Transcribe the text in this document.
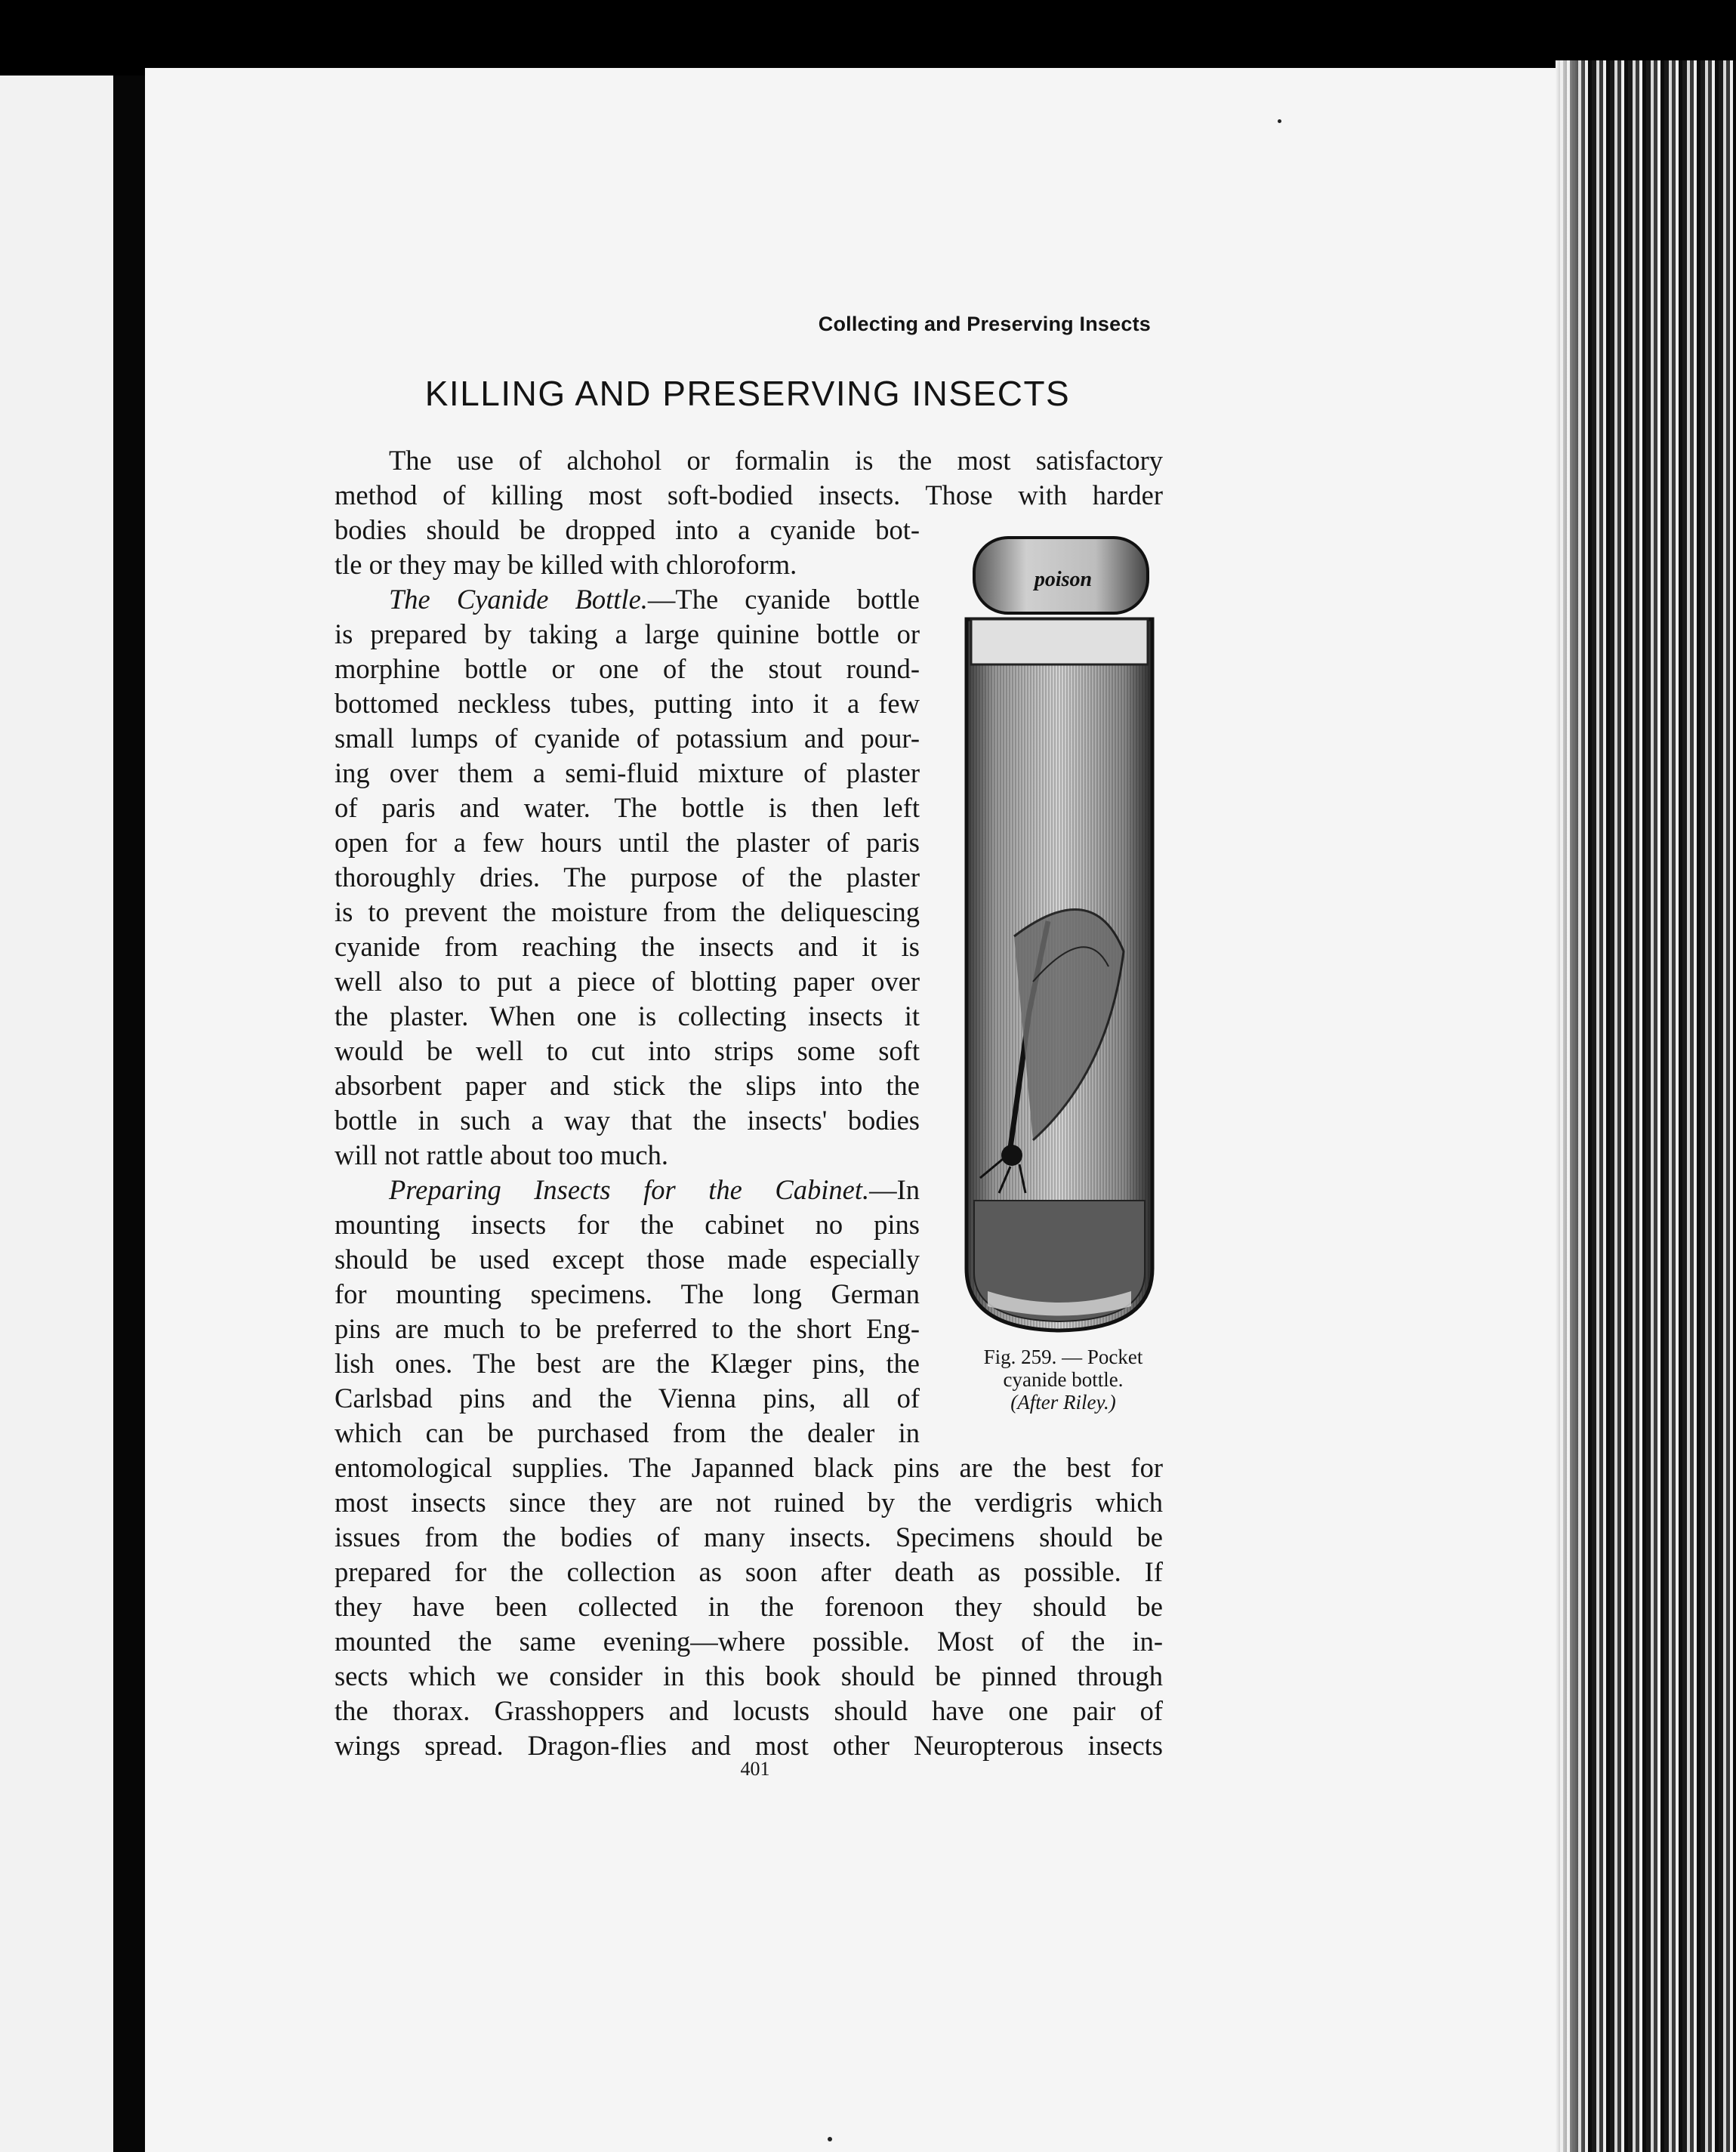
Collecting and Preserving Insects
KILLING AND PRESERVING INSECTS
The use of alchohol or formalin is the most satisfactory
method of killing most soft-bodied insects. Those with harder
bodies should be dropped into a cyanide bot-
tle or they may be killed with chloroform.
The Cyanide Bottle.—The cyanide bottle
is prepared by taking a large quinine bottle or
morphine bottle or one of the stout round-
bottomed neckless tubes, putting into it a few
small lumps of cyanide of potassium and pour-
ing over them a semi-fluid mixture of plaster
of paris and water. The bottle is then left
open for a few hours until the plaster of paris
thoroughly dries. The purpose of the plaster
is to prevent the moisture from the deliquescing
cyanide from reaching the insects and it is
well also to put a piece of blotting paper over
the plaster. When one is collecting insects it
would be well to cut into strips some soft
absorbent paper and stick the slips into the
bottle in such a way that the insects' bodies
will not rattle about too much.
Preparing Insects for the Cabinet.—In
mounting insects for the cabinet no pins
should be used except those made especially
for mounting specimens. The long German
pins are much to be preferred to the short Eng-
lish ones. The best are the Klæger pins, the
Carlsbad pins and the Vienna pins, all of
which can be purchased from the dealer in
entomological supplies. The Japanned black pins are the best for
most insects since they are not ruined by the verdigris which
issues from the bodies of many insects. Specimens should be
prepared for the collection as soon after death as possible. If
they have been collected in the forenoon they should be
mounted the same evening—where possible. Most of the in-
sects which we consider in this book should be pinned through
the thorax. Grasshoppers and locusts should have one pair of
wings spread. Dragon-flies and most other Neuropterous insects
poison
Fig. 259. — Pocket
cyanide bottle.
(After Riley.)
401
